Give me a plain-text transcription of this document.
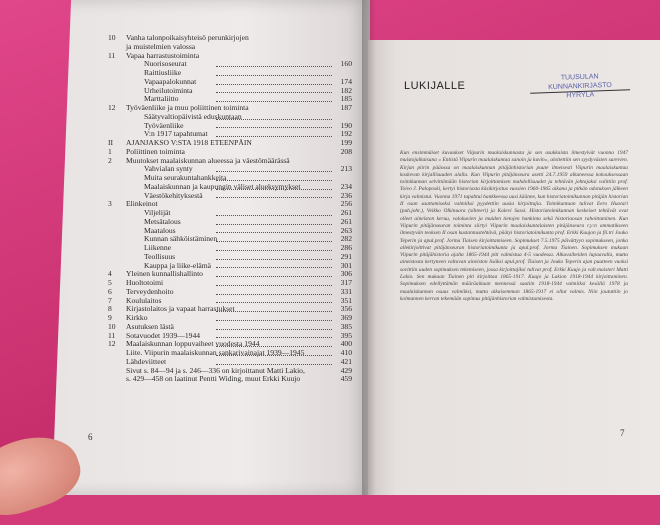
10 Vanha talonpoikaisyhteisö perunkirjojen
ja muistelmien valossa
11 Vapaa harrastustoiminta
Nuorisoseurat	160
Raittiusliike
Vapaapalokunnat	174
Urheilutoiminta	182
Marttaliitto	185
12 Työväenliike ja muu poliittinen toiminta	187
Säätyvaltiopäivistä eduskuntaan
Työväenliike	190
V:n 1917 tapahtumat	192
II AJANJAKSO V:STA 1918 ETEENPÄIN	199
1 Poliittinen toiminta	208
2 Muutokset maalaiskunnan alueessa ja väestömäärässä
Vahvialan synty	213
Muita seurakuntahankkeita
Maalaiskunnan ja kaupungin väliset alueksymykset	234
Väestökehityksestä	236
3 Elinkeinot	256
Viljelijät	261
Metsätalous	261
Maatalous	263
Kunnan sähköistäminen	282
Liikenne	286
Teollisuus	291
Kauppa ja liike-elämä	301
4 Yleinen kunnallishallinto	306
5 Huoltotoimi	317
6 Terveydenhoito	331
7 Koululaitos	351
8 Kirjastolaitos ja vapaat harrastukset	356
9 Kirkko	369
10 Asutuksen lästä	385
11 Sotavuodet 1939—1944	395
12 Maalaiskunnan loppuvaiheet vuodesta 1944	400
Liite. Viipurin maalaiskunnan sankarivainajat 1939—1945	410
Lähdeviitteet	421
Sivut s. 84—94 ja s. 246—336 on kirjoittanut Matti Lakio,	429
s. 429—458 on laatinut Pentti Widing, muut Erkki Kuujo	459
6	7
LUKIJALLE
TUUSULAN
KUNNANKIRJASTO
HYRYLÄ
Kun ensimmäiset kuvaukset Viipurin maalaiskunnasta ja sen asukkaista ilmestyivät vuonna 1947 muistojulkaisuna » Entistä Viipurin maalaiskuntaa sanoin ja kuvin«, aloitettiin sen syydyvästen surevien. Kirjan piirin pääossa on maalaiskunnan pitäjänhistorian puute ilmeisesti Viipurin maalaiskuntaa koskevan kirjallisuuden alalla. Kun Viipurin pitäjänseura asetti 24.7.1959 alkaneessa kokouksessaan toimikunnan selvittämään historian kirjoittamisen mahdollisuudet ja tehtävän johtajaksi valittiin prof. Toivo J. Paloposki, kertyi historiasta käsikirjoitus vuosien 1960-1965 aikana ja pitkän odotuksen jälkeen kirja valmistui. Vuonna 1971 tapahtui hankkeessa uusi käänne, kun historiatoimikunnan pitäjän historian II osan saattamiseksi valmiiksi pyydettiin uusia kirjoittajia. Toimikuntaan tulivat Eero Huotari (puh.joht.), Veikko Olkinuora (sihteeri) ja Kalevi Sassi. Historiatoimikunnan keskeiset tehtävät ovat olleet aineiston keruu, valokuvien ja muiden tietojen hankinta sekä historiaosan rahoittaminen. Kun Viipurin pitäjänseuran toiminta siirtyi Viipurin maalaiskuntalaisten pitäjänseura r.y:n ammatikseen ilmestyvän teoksen II osan kustannustehtävä, päätyi historiatoimikunta prof. Erkki Kuujon ja fil.tri Jouko Teperin ja apul.prof. Jorma Tiaisen kirjoittamiseen. Sopimukset 7.5.1975 päivättyyn sopimukseen, jonka allekirjoittivat pitäjänseuran historiatoimikunta ja apul.prof. Jorma Tiainen. Sopimuksen mukaan Viipurin pitäjähistoria ajalta 1865-1944 piti valmistua 4-5 vuodessa. Alkuvaiheiden lupaavalla, mutta aineistosta kertyneen valtavan aineiston lisäksi apul.prof. Tiaisen ja Jouko Teperin ajan puutteen vuoksi sovittiin uuden sopimuksen tekemiseen, jossa kirjoittajiksi tulivat prof. Erkki Kuujo ja valt.maisteri Matti Lakio. Sen mukaan Tiainen piti kirjoittaa 1865-1917. Kuujo ja Lakion 1918-1944 kirjoittaminen. Sopimuksen edellyttämän määräaikaan mennessä saatiin 1918-1944 valmiiksi kesällä 1978 ja maalaiskunnan osuus valmiiksi, mutta aikaisemman 1865-1917 ei ollut valmis. Niin joututtiin jo kolmannen kerran tekemään sopimus pitäjänhistorian valmistumisesta.
